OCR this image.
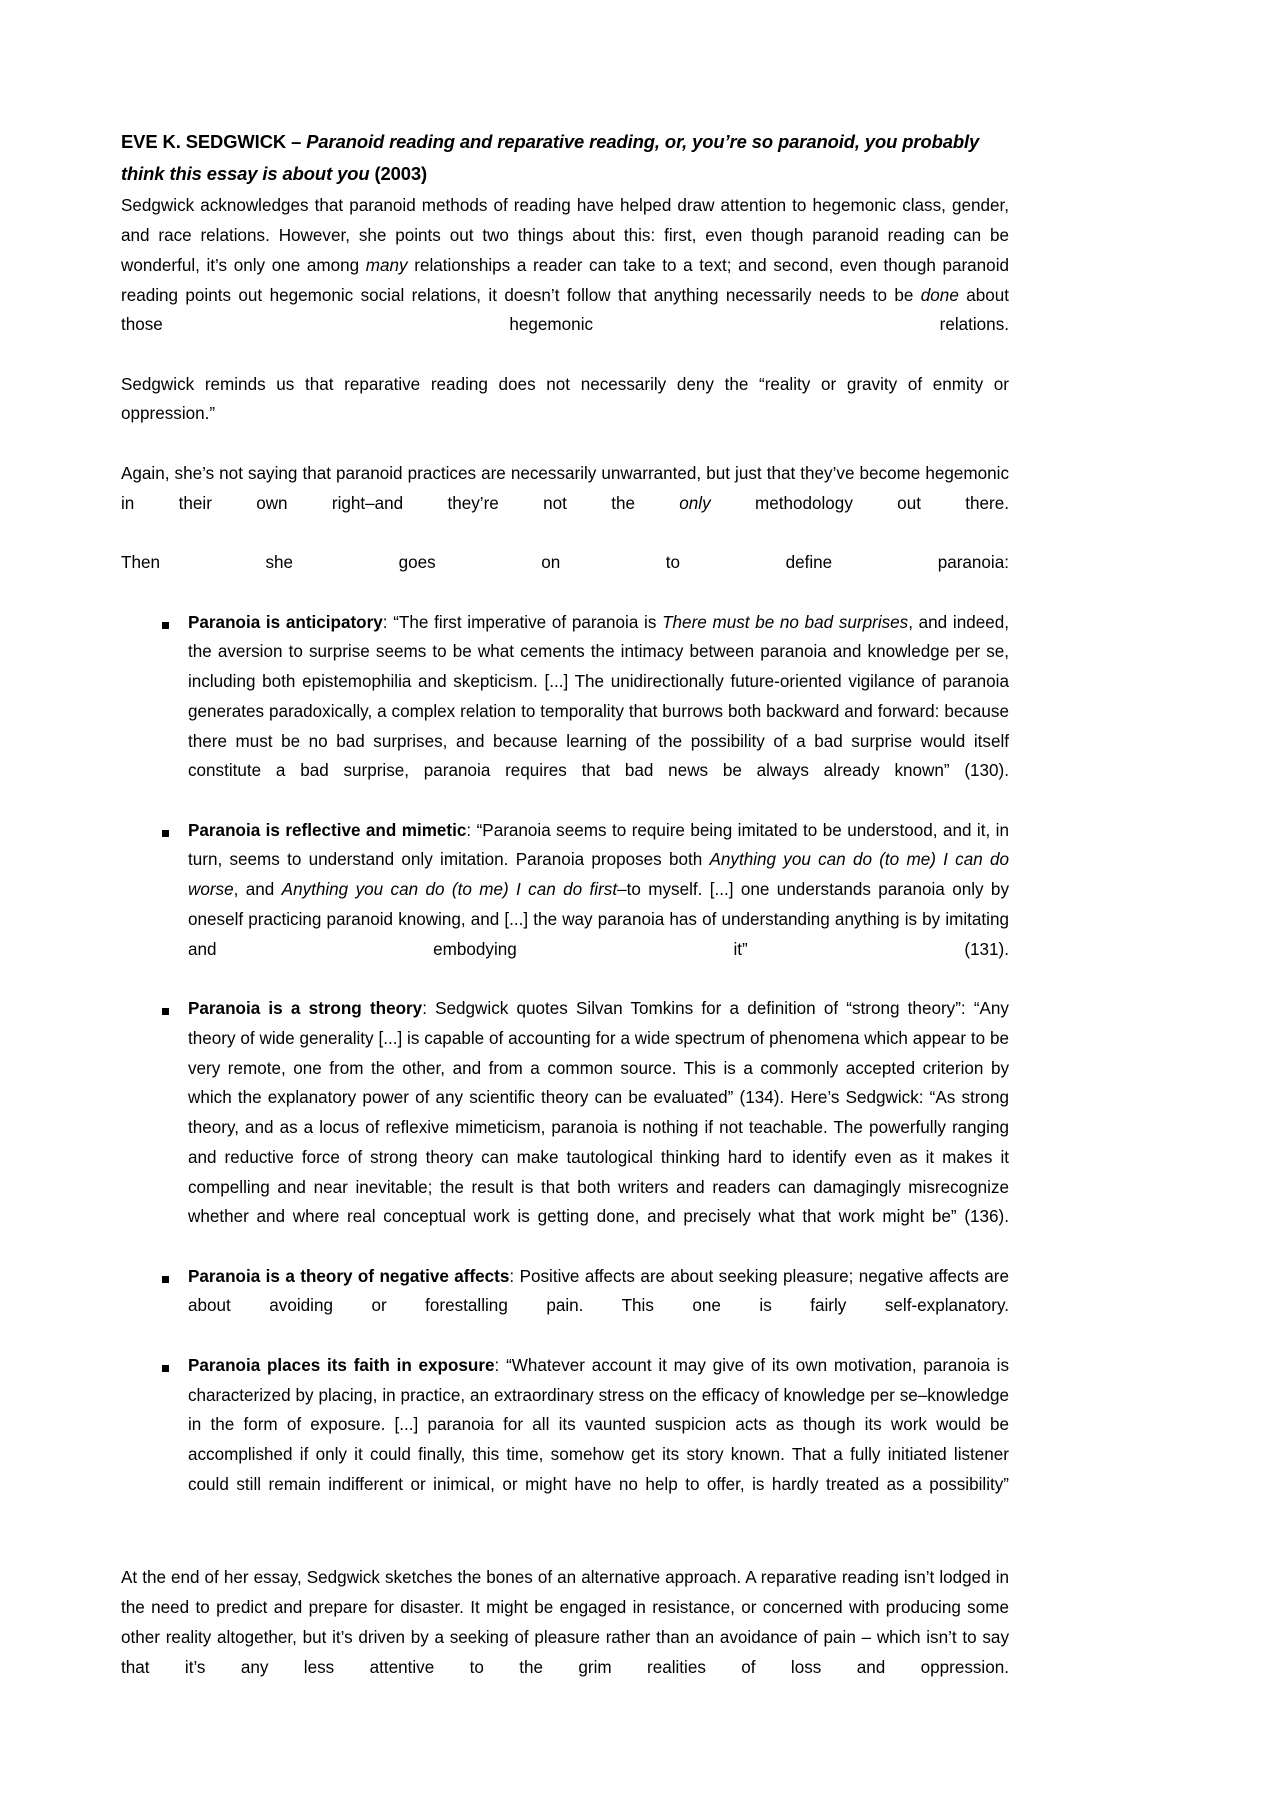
EVE K. SEDGWICK – Paranoid reading and reparative reading, or, you’re so paranoid, you probably think this essay is about you (2003)

Sedgwick acknowledges that paranoid methods of reading have helped draw attention to hegemonic class, gender, and race relations. However, she points out two things about this: first, even though paranoid reading can be wonderful, it’s only one among many relationships a reader can take to a text; and second, even though paranoid reading points out hegemonic social relations, it doesn’t follow that anything necessarily needs to be done about those hegemonic relations.

Sedgwick reminds us that reparative reading does not necessarily deny the “reality or gravity of enmity or oppression.”

Again, she’s not saying that paranoid practices are necessarily unwarranted, but just that they’ve become hegemonic in their own right–and they’re not the only methodology out there.

Then she goes on to define paranoia:

Paranoia is anticipatory: “The first imperative of paranoia is There must be no bad surprises, and indeed, the aversion to surprise seems to be what cements the intimacy between paranoia and knowledge per se, including both epistemophilia and skepticism. [...] The unidirectionally future-oriented vigilance of paranoia generates paradoxically, a complex relation to temporality that burrows both backward and forward: because there must be no bad surprises, and because learning of the possibility of a bad surprise would itself constitute a bad surprise, paranoia requires that bad news be always already known” (130).
Paranoia is reflective and mimetic: “Paranoia seems to require being imitated to be understood, and it, in turn, seems to understand only imitation. Paranoia proposes both Anything you can do (to me) I can do worse, and Anything you can do (to me) I can do first–to myself. [...] one understands paranoia only by oneself practicing paranoid knowing, and [...] the way paranoia has of understanding anything is by imitating and embodying it” (131).
Paranoia is a strong theory: Sedgwick quotes Silvan Tomkins for a definition of “strong theory”: “Any theory of wide generality [...] is capable of accounting for a wide spectrum of phenomena which appear to be very remote, one from the other, and from a common source. This is a commonly accepted criterion by which the explanatory power of any scientific theory can be evaluated” (134). Here’s Sedgwick: “As strong theory, and as a locus of reflexive mimeticism, paranoia is nothing if not teachable. The powerfully ranging and reductive force of strong theory can make tautological thinking hard to identify even as it makes it compelling and near inevitable; the result is that both writers and readers can damagingly misrecognize whether and where real conceptual work is getting done, and precisely what that work might be” (136).
Paranoia is a theory of negative affects: Positive affects are about seeking pleasure; negative affects are about avoiding or forestalling pain. This one is fairly self-explanatory.
Paranoia places its faith in exposure: “Whatever account it may give of its own motivation, paranoia is characterized by placing, in practice, an extraordinary stress on the efficacy of knowledge per se–knowledge in the form of exposure. [...] paranoia for all its vaunted suspicion acts as though its work would be accomplished if only it could finally, this time, somehow get its story known. That a fully initiated listener could still remain indifferent or inimical, or might have no help to offer, is hardly treated as a possibility”

At the end of her essay, Sedgwick sketches the bones of an alternative approach. A reparative reading isn’t lodged in the need to predict and prepare for disaster. It might be engaged in resistance, or concerned with producing some other reality altogether, but it’s driven by a seeking of pleasure rather than an avoidance of pain – which isn’t to say that it’s any less attentive to the grim realities of loss and oppression.
